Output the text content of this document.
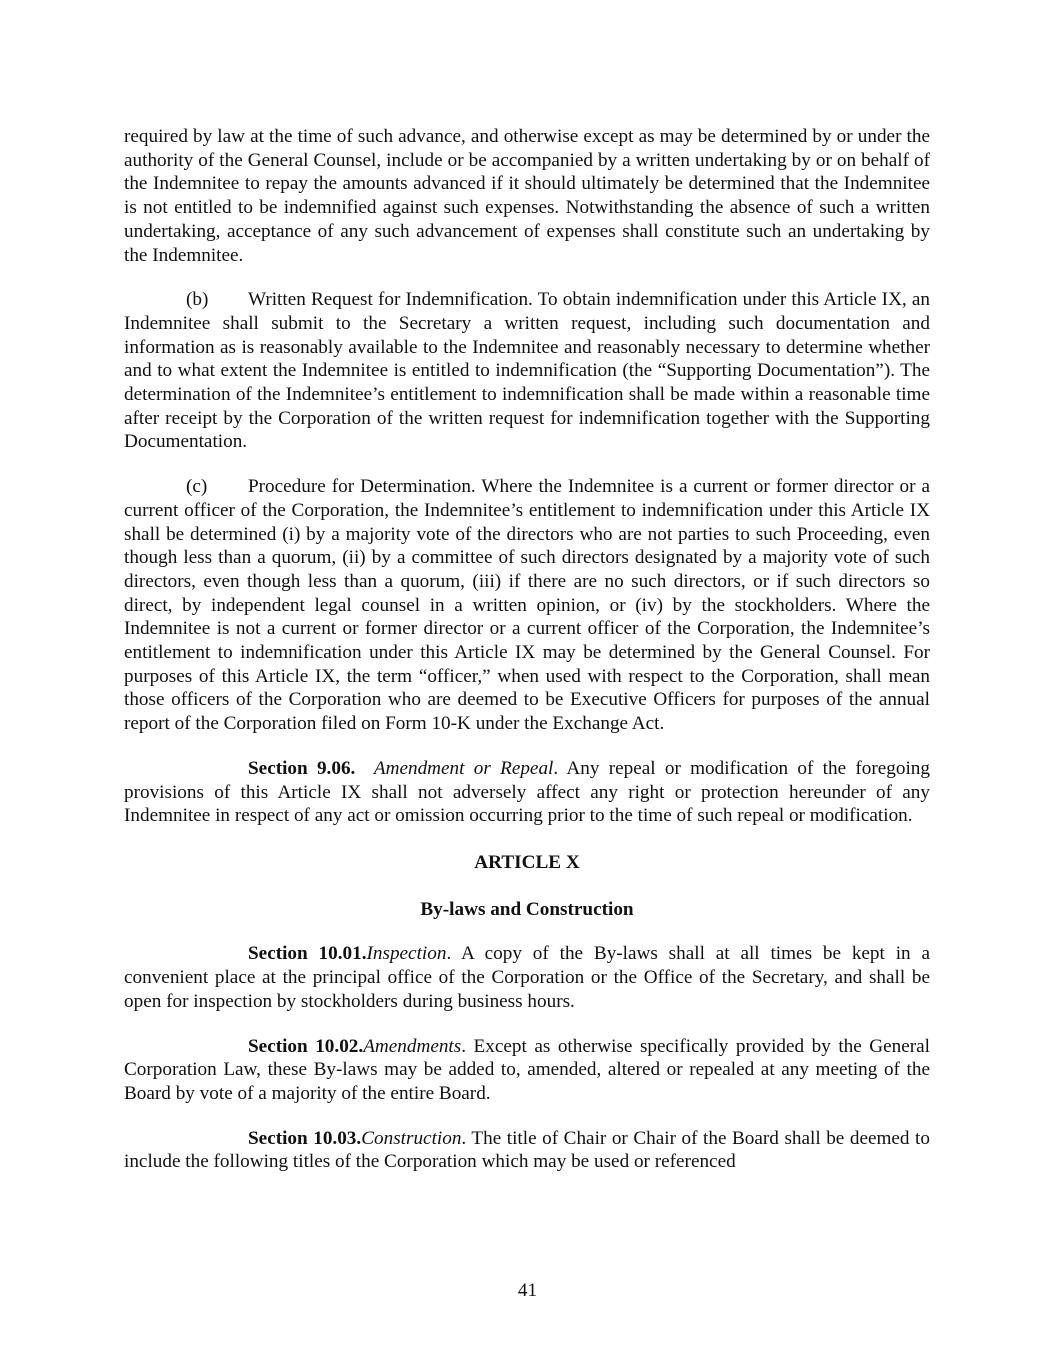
required by law at the time of such advance, and otherwise except as may be determined by or under the authority of the General Counsel, include or be accompanied by a written undertaking by or on behalf of the Indemnitee to repay the amounts advanced if it should ultimately be determined that the Indemnitee is not entitled to be indemnified against such expenses. Notwithstanding the absence of such a written undertaking, acceptance of any such advancement of expenses shall constitute such an undertaking by the Indemnitee.

(b) Written Request for Indemnification. To obtain indemnification under this Article IX, an Indemnitee shall submit to the Secretary a written request, including such documentation and information as is reasonably available to the Indemnitee and reasonably necessary to determine whether and to what extent the Indemnitee is entitled to indemnification (the “Supporting Documentation”). The determination of the Indemnitee’s entitlement to indemnification shall be made within a reasonable time after receipt by the Corporation of the written request for indemnification together with the Supporting Documentation.

(c) Procedure for Determination. Where the Indemnitee is a current or former director or a current officer of the Corporation, the Indemnitee’s entitlement to indemnification under this Article IX shall be determined (i) by a majority vote of the directors who are not parties to such Proceeding, even though less than a quorum, (ii) by a committee of such directors designated by a majority vote of such directors, even though less than a quorum, (iii) if there are no such directors, or if such directors so direct, by independent legal counsel in a written opinion, or (iv) by the stockholders. Where the Indemnitee is not a current or former director or a current officer of the Corporation, the Indemnitee’s entitlement to indemnification under this Article IX may be determined by the General Counsel. For purposes of this Article IX, the term “officer,” when used with respect to the Corporation, shall mean those officers of the Corporation who are deemed to be Executive Officers for purposes of the annual report of the Corporation filed on Form 10-K under the Exchange Act.

Section 9.06. Amendment or Repeal. Any repeal or modification of the foregoing provisions of this Article IX shall not adversely affect any right or protection hereunder of any Indemnitee in respect of any act or omission occurring prior to the time of such repeal or modification.

ARTICLE X

By-laws and Construction

Section 10.01.Inspection. A copy of the By-laws shall at all times be kept in a convenient place at the principal office of the Corporation or the Office of the Secretary, and shall be open for inspection by stockholders during business hours.

Section 10.02.Amendments. Except as otherwise specifically provided by the General Corporation Law, these By-laws may be added to, amended, altered or repealed at any meeting of the Board by vote of a majority of the entire Board.

Section 10.03.Construction. The title of Chair or Chair of the Board shall be deemed to include the following titles of the Corporation which may be used or referenced

41
